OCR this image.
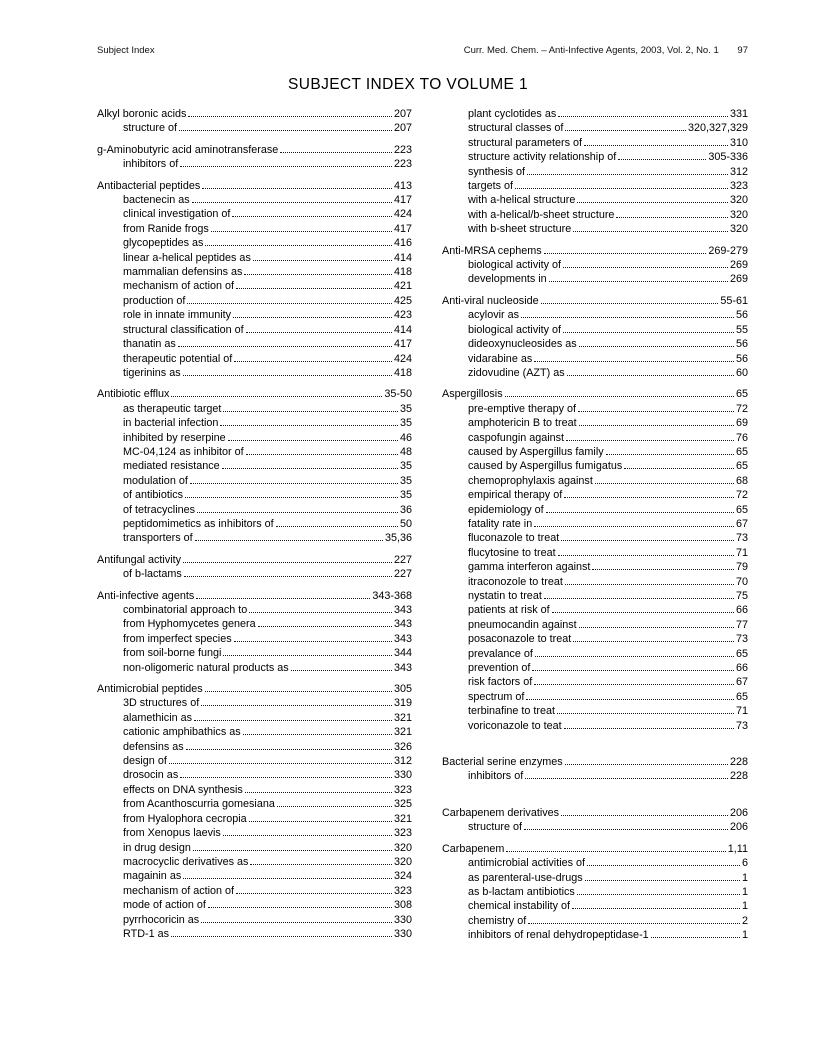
Subject Index	Curr. Med. Chem. – Anti-Infective Agents, 2003, Vol. 2, No. 1 97
SUBJECT INDEX TO VOLUME 1
Alkyl boronic acids	207
structure of	207
g-Aminobutyric acid aminotransferase	223
inhibitors of	223
Antibacterial peptides	413
bactenecin as	417
clinical investigation of	424
from Ranide frogs	417
glycopeptides as	416
linear a-helical peptides as	414
mammalian defensins as	418
mechanism of action of	421
production of	425
role in innate immunity	423
structural classification of	414
thanatin as	417
therapeutic potential of	424
tigerinins as	418
Antibiotic efflux	35-50
as therapeutic target	35
in bacterial infection	35
inhibited by reserpine	46
MC-04,124 as inhibitor of	48
mediated resistance	35
modulation of	35
of antibiotics	35
of tetracyclines	36
peptidomimetics as inhibitors of	50
transporters of	35,36
Antifungal activity	227
of b-lactams	227
Anti-infective agents	343-368
combinatorial approach to	343
from Hyphomycetes genera	343
from imperfect species	343
from soil-borne fungi	344
non-oligomeric natural products as	343
Antimicrobial peptides	305
3D structures of	319
alamethicin as	321
cationic amphibathics as	321
defensins as	326
design of	312
drosocin as	330
effects on DNA synthesis	323
from Acanthoscurria gomesiana	325
from Hyalophora cecropia	321
from Xenopus laevis	323
in drug design	320
macrocyclic derivatives as	320
magainin as	324
mechanism of action of	323
mode of action of	308
pyrrhocoricin as	330
RTD-1 as	330
plant cyclotides as	331
structural classes of	320,327,329
structural parameters of	310
structure activity relationship of	305-336
synthesis of	312
targets of	323
with a-helical structure	320
with a-helical/b-sheet structure	320
with b-sheet structure	320
Anti-MRSA cephems	269-279
biological activity of	269
developments in	269
Anti-viral nucleoside	55-61
acylovir as	56
biological activity of	55
dideoxynucleosides as	56
vidarabine as	56
zidovudine (AZT) as	60
Aspergillosis	65
pre-emptive therapy of	72
amphotericin B to treat	69
caspofungin against	76
caused by Aspergillus family	65
caused by Aspergillus fumigatus	65
chemoprophylaxis against	68
empirical therapy of	72
epidemiology of	65
fatality rate in	67
fluconazole to treat	73
flucytosine to treat	71
gamma interferon against	79
itraconozole to treat	70
nystatin to treat	75
patients at risk of	66
pneumocandin against	77
posaconazole to treat	73
prevalance of	65
prevention of	66
risk factors of	67
spectrum of	65
terbinafine to treat	71
voriconazole to teat	73
Bacterial serine enzymes	228
inhibitors of	228
Carbapenem derivatives	206
structure of	206
Carbapenem	1,11
antimicrobial activities of	6
as parenteral-use-drugs	1
as b-lactam antibiotics	1
chemical instability of	1
chemistry of	2
inhibitors of renal dehydropeptidase-1	1
